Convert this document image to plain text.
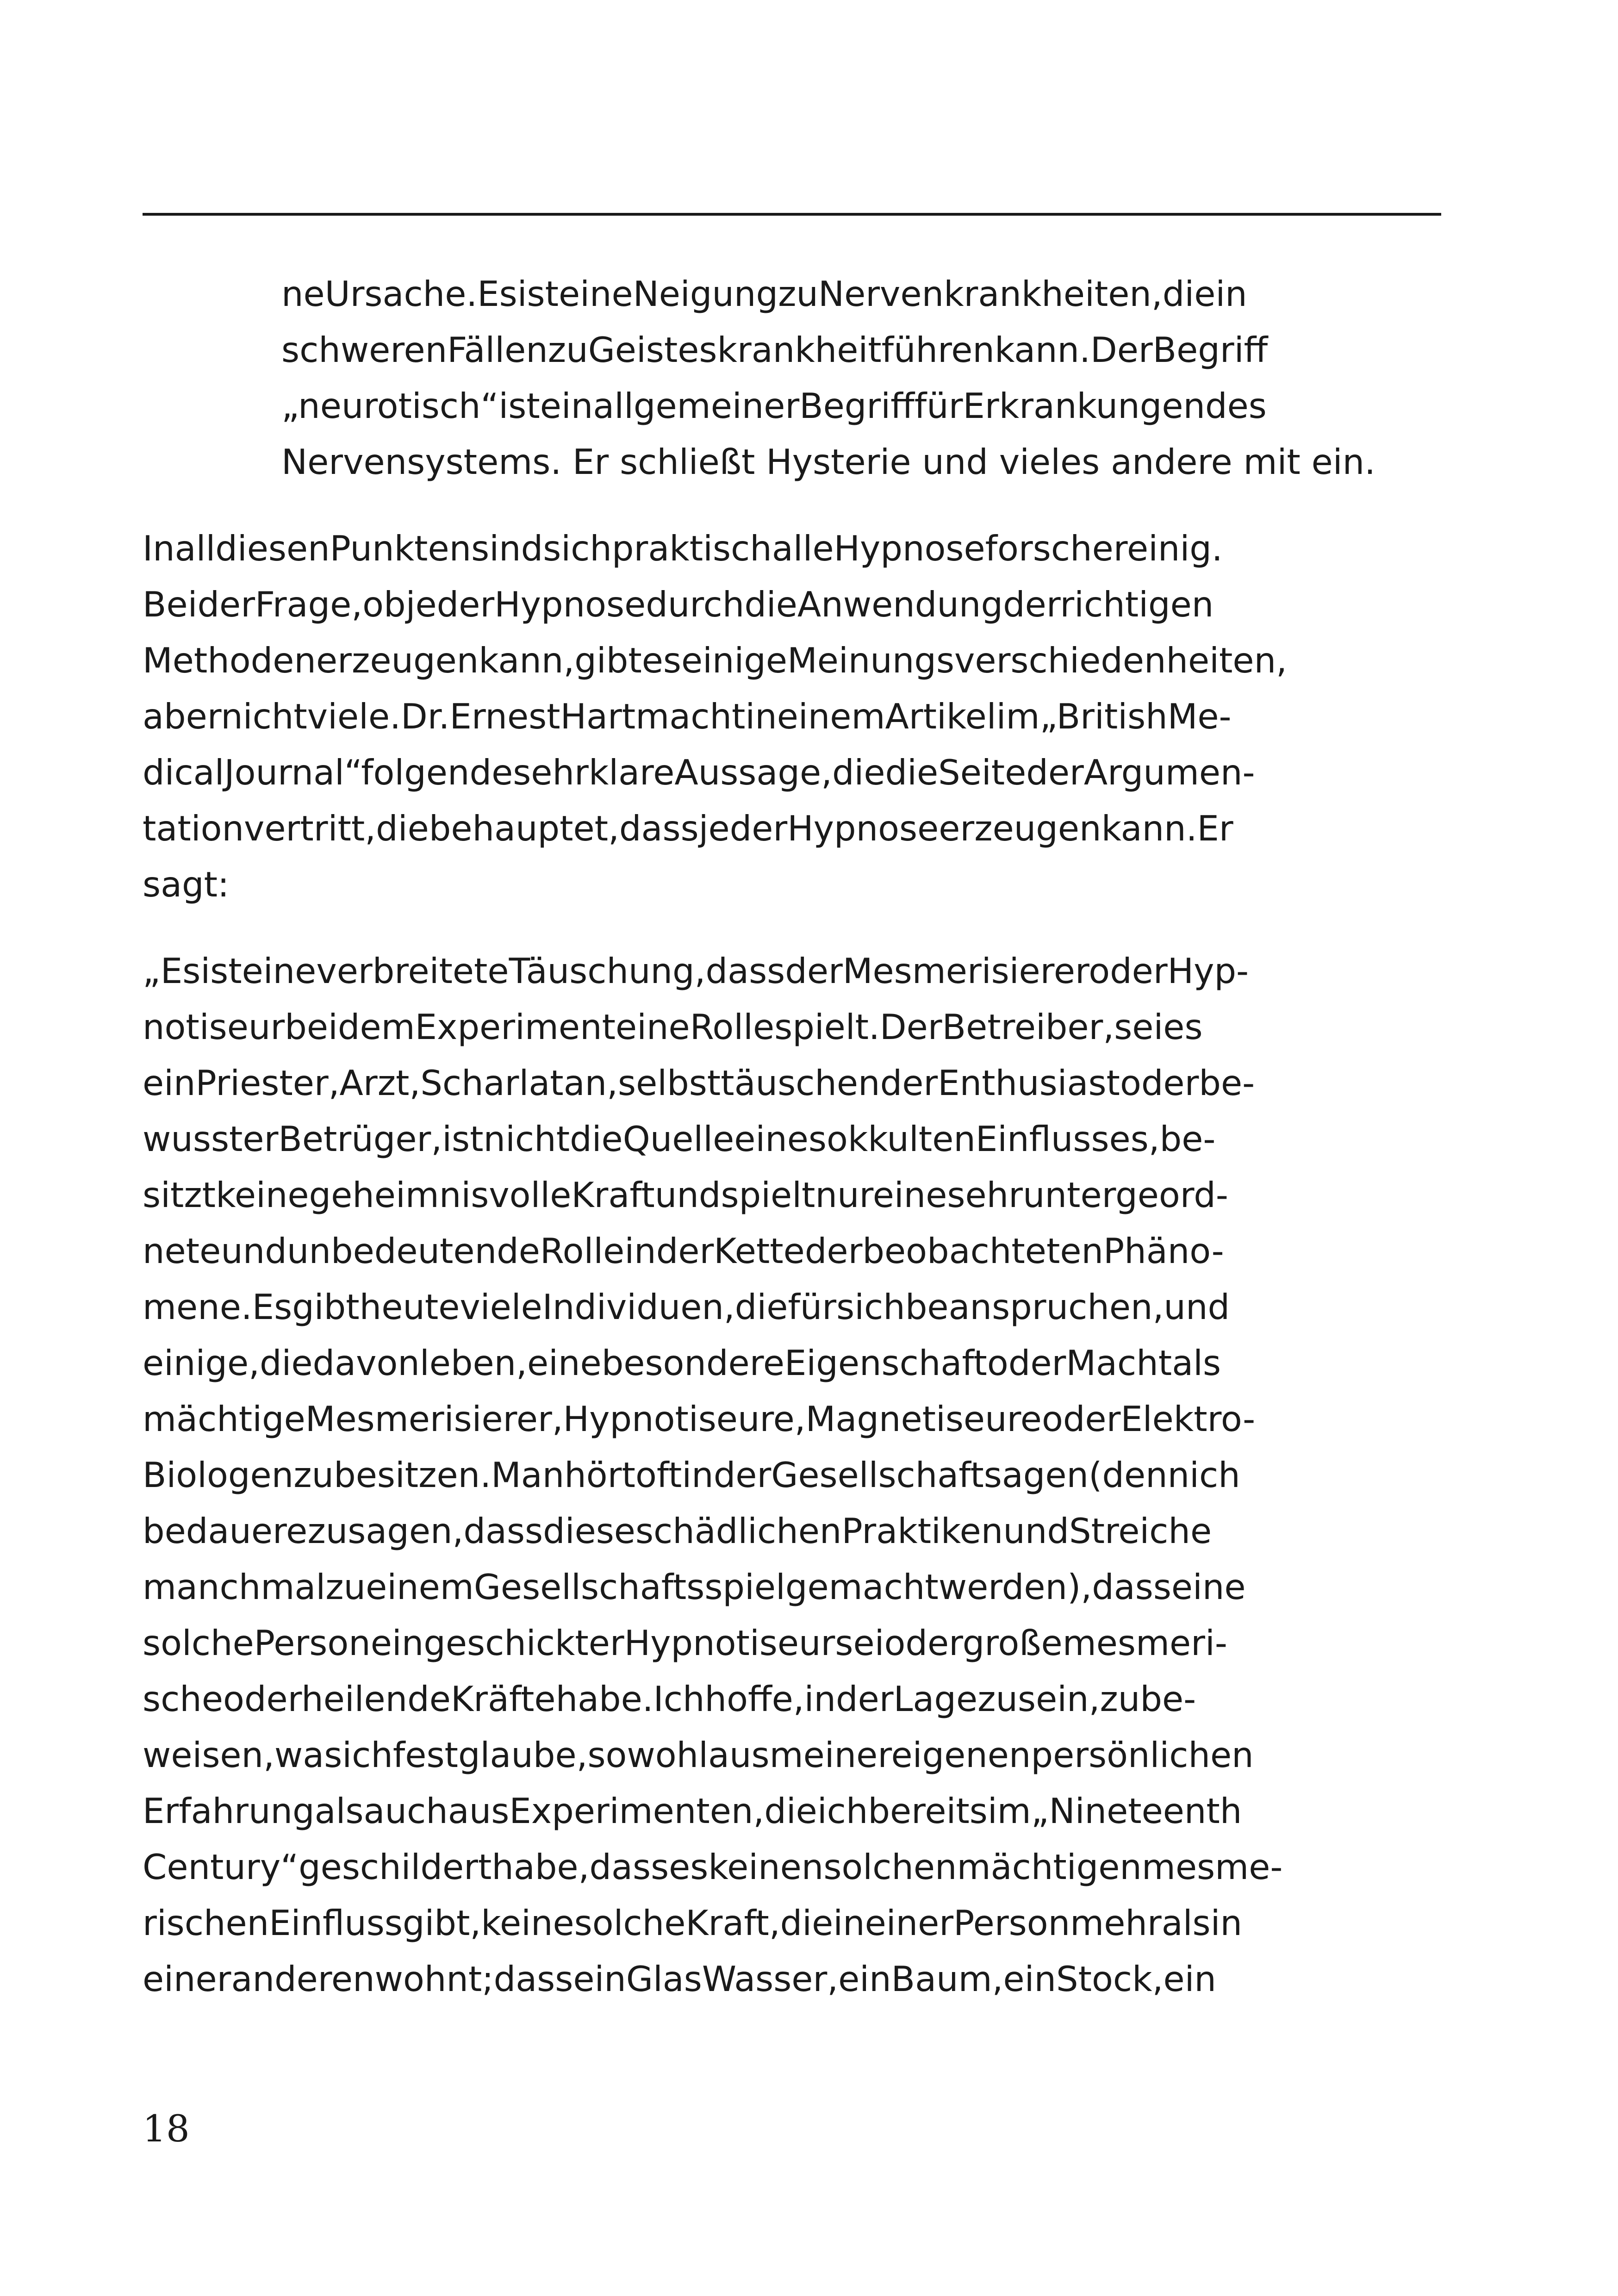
neUrsache.EsisteineNeigungzuNervenkrankheiten,diein
schwerenFällenzuGeisteskrankheitführenkann.DerBegriff
„neurotisch“isteinallgemeinerBegrifffürErkrankungendes
Nervensystems. Er schließt Hysterie und vieles andere mit ein.
InalldiesenPunktensindsichpraktischalleHypnoseforschereinig.
BeiderFrage,objederHypnosedurchdieAnwendungderrichtigen
Methodenerzeugenkann,gibteseinigeMeinungsverschiedenheiten,
abernichtviele.Dr.ErnestHartmachtineinemArtikelim„BritishMe-
dicalJournal“folgendesehrklareAussage,diedieSeitederArgumen-
tationvertritt,diebehauptet,dassjederHypnoseerzeugenkann.Er
sagt:
„EsisteineverbreiteteTäuschung,dassderMesmerisiereroderHyp-
notiseurbeidemExperimenteineRollespielt.DerBetreiber,seies
einPriester,Arzt,Scharlatan,selbsttäuschenderEnthusiastoderbe-
wussterBetrüger,istnichtdieQuelleeinesokkultenEinflusses,be-
sitztkeinegeheimnisvolleKraftundspieltnureinesehruntergeord-
neteundunbedeutendeRolleinderKettederbeobachtetenPhäno-
mene.EsgibtheutevieleIndividuen,diefürsichbeanspruchen,und
einige,diedavonleben,einebesondereEigenschaftoderMachtals
mächtigeMesmerisierer,Hypnotiseure,MagnetiseureoderElektro-
Biologenzubesitzen.ManhörtoftinderGesellschaftsagen(dennich
bedauerezusagen,dassdieseschädlichenPraktikenundStreiche
manchmalzueinemGesellschaftsspielgemachtwerden),dasseine
solchePersoneingeschickterHypnotiseurseiodergroßemesmeri-
scheoderheilendeKräftehabe.Ichhoffe,inderLagezusein,zube-
weisen,wasichfestglaube,sowohlausmeinereigenenpersönlichen
ErfahrungalsauchausExperimenten,dieichbereitsim„Nineteenth
Century“geschilderthabe,dasseskeinensolchenmächtigenmesme-
rischenEinflussgibt,keinesolcheKraft,dieineinerPersonmehralsin
eineranderenwohnt;dasseinGlasWasser,einBaum,einStock,ein
18
